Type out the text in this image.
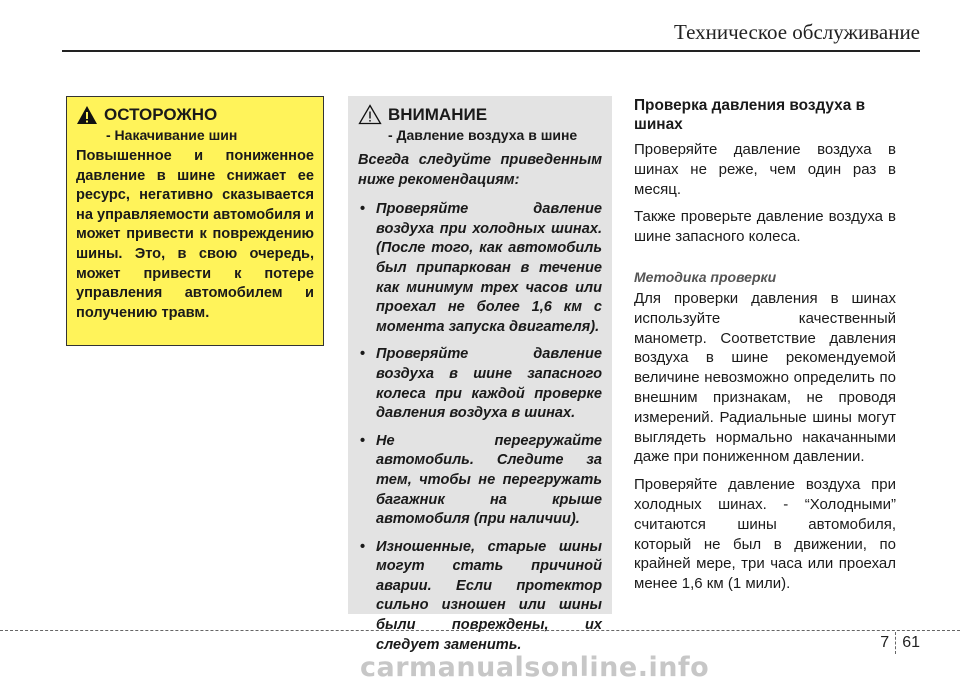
Техническое обслуживание
ОСТОРОЖНО
- Накачивание шин

Повышенное и пониженное давление в шине снижает ее ресурс, негативно сказывается на управляемости автомобиля и может привести к повреждению шины. Это, в свою очередь, может привести к потере управления автомобилем и получению травм.

ВНИМАНИЕ
- Давление воздуха в шине

Всегда следуйте приведенным ниже рекомендациям:

• Проверяйте давление воздуха при холодных шинах. (После того, как автомобиль был припаркован в течение как минимум трех часов или проехал не более 1,6 км с момента запуска двигателя).
• Проверяйте давление воздуха в шине запасного колеса при каждой проверке давления воздуха в шинах.
• Не перегружайте автомобиль. Следите за тем, чтобы не перегружать багажник на крыше автомобиля (при наличии).
• Изношенные, старые шины могут стать причиной аварии. Если протектор сильно изношен или шины были повреждены, их следует заменить.
Проверка давления воздуха в шинах

Проверяйте давление воздуха в шинах не реже, чем один раз в месяц.

Также проверьте давление воздуха в шине запасного колеса.

Методика проверки

Для проверки давления в шинах используйте качественный манометр. Соответствие давления воздуха в шине рекомендуемой величине невозможно определить по внешним признакам, не проводя измерений. Радиальные шины могут выглядеть нормально накачанными даже при пониженном давлении.

Проверяйте давление воздуха при холодных шинах. - “Холодными” считаются шины автомобиля, который не был в движении, по крайней мере, три часа или проехал менее 1,6 км (1 мили).

7 61
carmanualsonline.info
